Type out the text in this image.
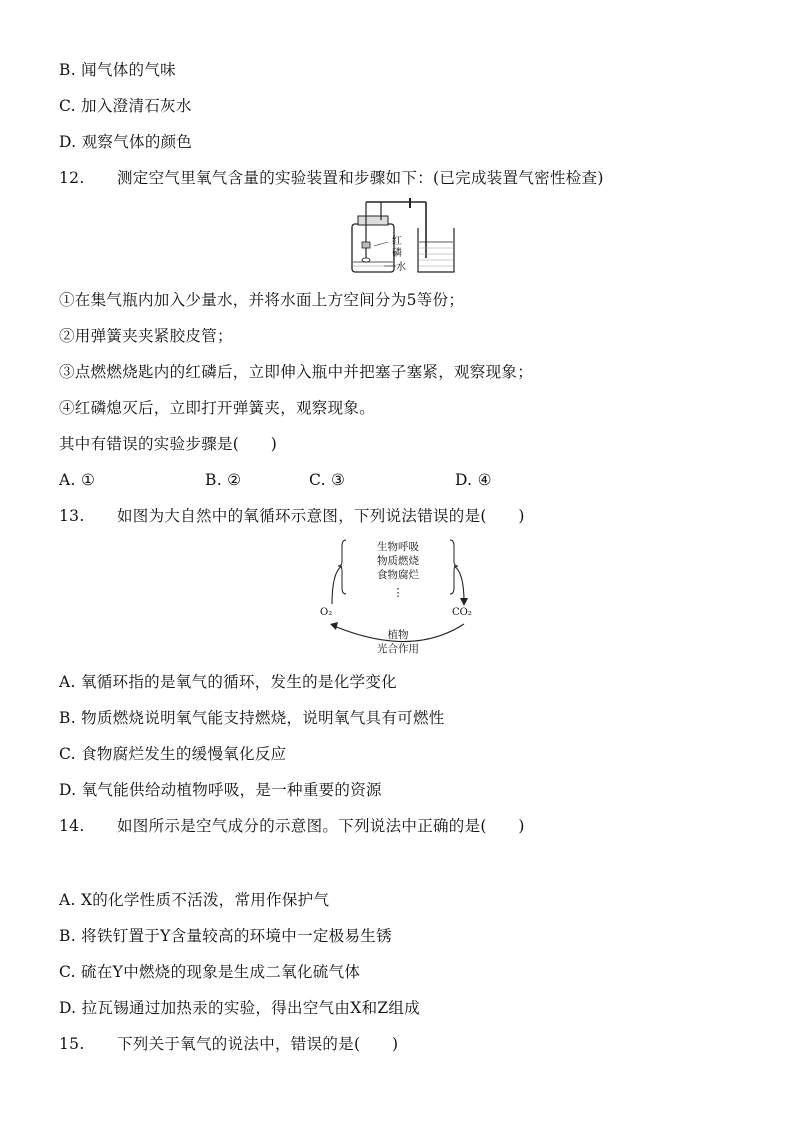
B. 闻气体的气味
C. 加入澄清石灰水
D. 观察气体的颜色
12. 测定空气里氧气含量的实验装置和步骤如下：(已完成装置气密性检查)
红
磷
水
①在集气瓶内加入少量水，并将水面上方空间分为5等份；
②用弹簧夹夹紧胶皮管；
③点燃燃烧匙内的红磷后，立即伸入瓶中并把塞子塞紧，观察现象；
④红磷熄灭后，立即打开弹簧夹，观察现象。
其中有错误的实验步骤是(　　)
A. ①	B. ②	C. ③	D. ④
13. 如图为大自然中的氧循环示意图，下列说法错误的是(　　)
生物呼吸
物质燃烧
食物腐烂
⋮
O₂	CO₂
植物
光合作用
A. 氧循环指的是氧气的循环，发生的是化学变化
B. 物质燃烧说明氧气能支持燃烧，说明氧气具有可燃性
C. 食物腐烂发生的缓慢氧化反应
D. 氧气能供给动植物呼吸，是一种重要的资源
14. 如图所示是空气成分的示意图。下列说法中正确的是(　　)
A. X的化学性质不活泼，常用作保护气
B. 将铁钉置于Y含量较高的环境中一定极易生锈
C. 硫在Y中燃烧的现象是生成二氧化硫气体
D. 拉瓦锡通过加热汞的实验，得出空气由X和Z组成
15. 下列关于氧气的说法中，错误的是(　　)
